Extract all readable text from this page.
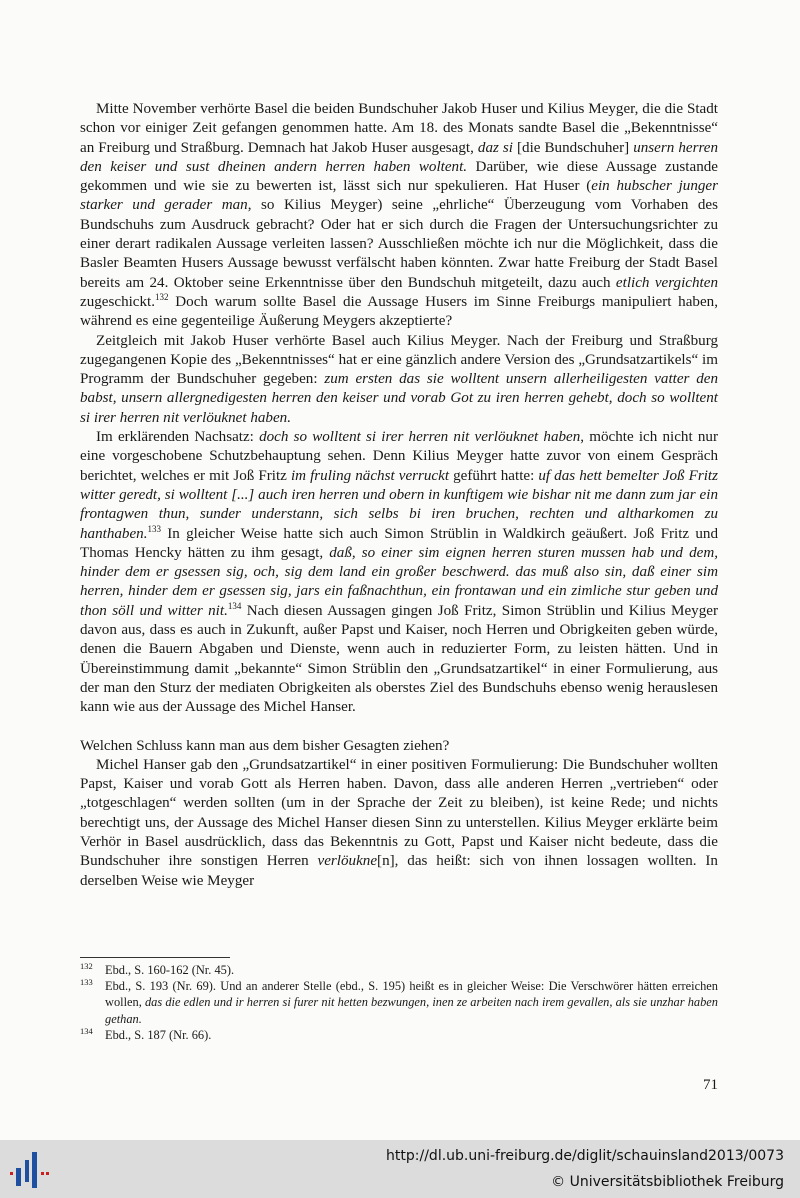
Mitte November verhörte Basel die beiden Bundschuher Jakob Huser und Kilius Meyger, die die Stadt schon vor einiger Zeit gefangen genommen hatte. Am 18. des Monats sandte Basel die „Bekenntnisse“ an Freiburg und Straßburg. Demnach hat Jakob Huser ausgesagt, daz si [die Bundschuher] unsern herren den keiser und sust dheinen andern herren haben woltent. Darüber, wie diese Aussage zustande gekommen und wie sie zu bewerten ist, lässt sich nur spekulieren. Hat Huser (ein hubscher junger starker und gerader man, so Kilius Meyger) seine „ehrliche“ Überzeugung vom Vorhaben des Bundschuhs zum Ausdruck gebracht? Oder hat er sich durch die Fragen der Untersuchungsrichter zu einer derart radikalen Aussage verleiten lassen? Ausschließen möchte ich nur die Möglichkeit, dass die Basler Beamten Husers Aussage bewusst verfälscht haben könnten. Zwar hatte Freiburg der Stadt Basel bereits am 24. Oktober seine Erkenntnisse über den Bundschuh mitgeteilt, dazu auch etlich vergichten zugeschickt.$^{132}$ Doch warum sollte Basel die Aussage Husers im Sinne Freiburgs manipuliert haben, während es eine gegenteilige Äußerung Meygers akzeptierte?

Zeitgleich mit Jakob Huser verhörte Basel auch Kilius Meyger. Nach der Freiburg und Straßburg zugegangenen Kopie des „Bekenntnisses“ hat er eine gänzlich andere Version des „Grundsatzartikels“ im Programm der Bundschuher gegeben: zum ersten das sie wolltent unsern allerheiligesten vatter den babst, unsern allergnedigesten herren den keiser und vorab Got zu iren herren gehebt, doch so wolltent si irer herren nit verlöuknet haben.

Im erklärenden Nachsatz: doch so wolltent si irer herren nit verlöuknet haben, möchte ich nicht nur eine vorgeschobene Schutzbehauptung sehen. Denn Kilius Meyger hatte zuvor von einem Gespräch berichtet, welches er mit Joß Fritz im fruling nächst verruckt geführt hatte: uf das hett bemelter Joß Fritz witter geredt, si wolltent [...] auch iren herren und obern in kunftigem wie bishar nit me dann zum jar ein frontagwen thun, sunder understann, sich selbs bi iren bruchen, rechten und altharkomen zu hanthaben.$^{133}$ In gleicher Weise hatte sich auch Simon Strüblin in Waldkirch geäußert. Joß Fritz und Thomas Hencky hätten zu ihm gesagt, daß, so einer sim eignen herren sturen mussen hab und dem, hinder dem er gsessen sig, och, sig dem land ein großer beschwerd. das muß also sin, daß einer sim herren, hinder dem er gsessen sig, jars ein faßnachthun, ein frontawan und ein zimliche stur geben und thon söll und witter nit.$^{134}$ Nach diesen Aussagen gingen Joß Fritz, Simon Strüblin und Kilius Meyger davon aus, dass es auch in Zukunft, außer Papst und Kaiser, noch Herren und Obrigkeiten geben würde, denen die Bauern Abgaben und Dienste, wenn auch in reduzierter Form, zu leisten hätten. Und in Übereinstimmung damit „bekannte“ Simon Strüblin den „Grundsatzartikel“ in einer Formulierung, aus der man den Sturz der mediaten Obrigkeiten als oberstes Ziel des Bundschuhs ebenso wenig herauslesen kann wie aus der Aussage des Michel Hanser.

Welchen Schluss kann man aus dem bisher Gesagten ziehen?

Michel Hanser gab den „Grundsatzartikel“ in einer positiven Formulierung: Die Bundschuher wollten Papst, Kaiser und vorab Gott als Herren haben. Davon, dass alle anderen Herren „vertrieben“ oder „totgeschlagen“ werden sollten (um in der Sprache der Zeit zu bleiben), ist keine Rede; und nichts berechtigt uns, der Aussage des Michel Hanser diesen Sinn zu unterstellen. Kilius Meyger erklärte beim Verhör in Basel ausdrücklich, dass das Bekenntnis zu Gott, Papst und Kaiser nicht bedeute, dass die Bundschuher ihre sonstigen Herren verlöukne[n], das heißt: sich von ihnen lossagen wollten. In derselben Weise wie Meyger

$^{132}$ Ebd., S. 160-162 (Nr. 45).
$^{133}$ Ebd., S. 193 (Nr. 69). Und an anderer Stelle (ebd., S. 195) heißt es in gleicher Weise: Die Verschwörer hätten erreichen wollen, das die edlen und ir herren si furer nit hetten bezwungen, inen ze arbeiten nach irem gevallen, als sie unzhar haben gethan.
$^{134}$ Ebd., S. 187 (Nr. 66).
71
http://dl.ub.uni-freiburg.de/diglit/schauinsland2013/0073
© Universitätsbibliothek Freiburg
